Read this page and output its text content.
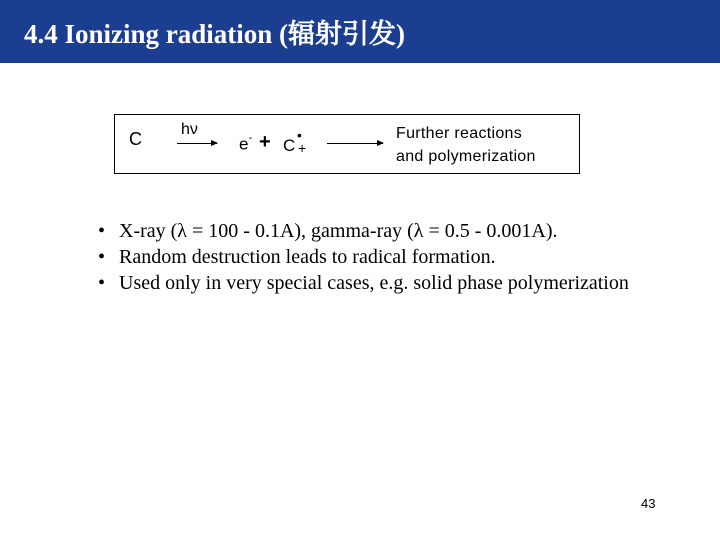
4.4 Ionizing radiation (辐射引发)
C hν
→ e- + C
•
+ →
Further reactions
and polymerization
• X-ray (λ = 100 - 0.1A), gamma-ray (λ = 0.5 - 0.001A).
• Random destruction leads to radical formation.
• Used only in very special cases, e.g. solid phase polymerization
43
